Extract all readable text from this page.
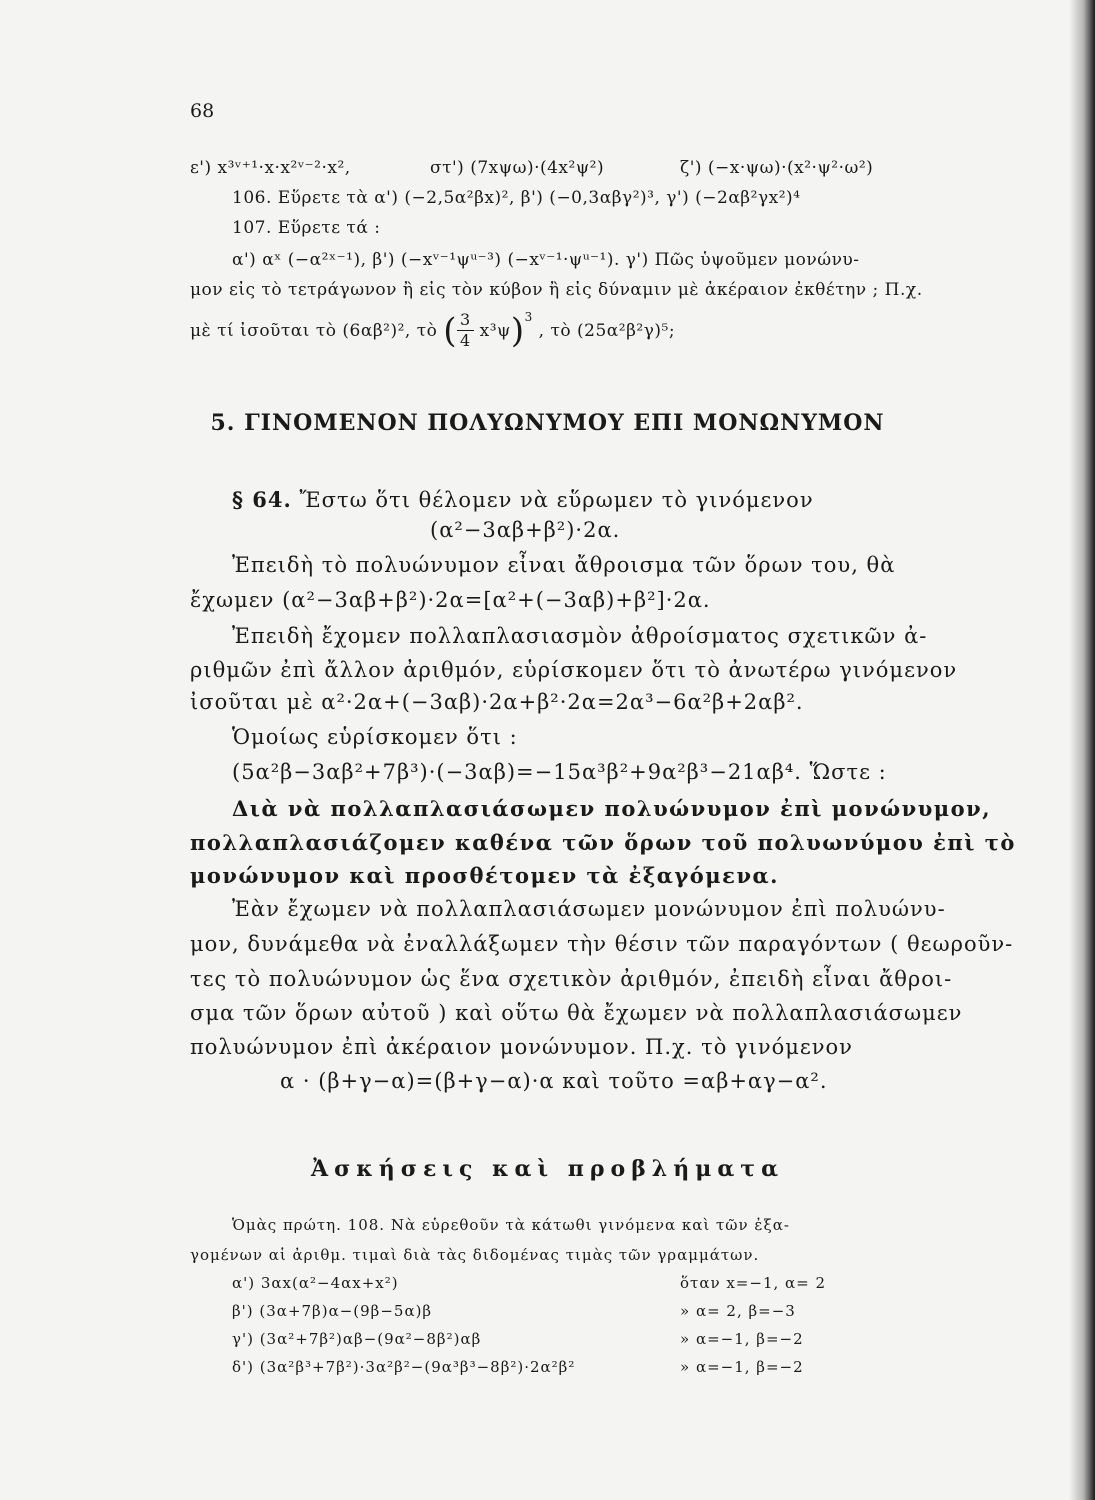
68
ε') x³ᵛ⁺¹·x·x²ᵛ⁻²·x²,	στ') (7xψω)·(4x²ψ²)	ζ') (−x·ψω)·(x²·ψ²·ω²)
106. Εὕρετε τὰ α') (−2,5α²βx)², β') (−0,3αβγ²)³, γ') (−2αβ²γx²)⁴
107. Εὕρετε τά :
α') αˣ (−α²ˣ⁻¹), β') (−xᵛ⁻¹ψᵘ⁻³) (−xᵛ⁻¹·ψᵘ⁻¹). γ') Πῶς ὑψοῦμεν μονώνυ-
μον εἰς τὸ τετράγωνον ἢ εἰς τὸν κύβον ἢ εἰς δύναμιν μὲ ἀκέραιον ἐκθέτην ; Π.χ.
μὲ τί ἰσοῦται τὸ (6αβ²)², τὸ ( $\frac{3}{4} x^3\psi)^3$ , τὸ (25α²β²γ)⁵;
5. ΓΙΝΟΜΕΝΟΝ ΠΟΛΥΩΝΥΜΟΥ ΕΠΙ ΜΟΝΩΝΥΜΟΝ
§ 64. Ἔστω ὅτι θέλομεν νὰ εὕρωμεν τὸ γινόμενον
(α²−3αβ+β²)·2α.
Ἐπειδὴ τὸ πολυώνυμον εἶναι ἄθροισμα τῶν ὅρων του, θὰ
ἔχωμεν (α²−3αβ+β²)·2α=[α²+(−3αβ)+β²]·2α.
Ἐπειδὴ ἔχομεν πολλαπλασιασμὸν ἀθροίσματος σχετικῶν ἀ-
ριθμῶν ἐπὶ ἄλλον ἀριθμόν, εὑρίσκομεν ὅτι τὸ ἀνωτέρω γινόμενον
ἰσοῦται μὲ α²·2α+(−3αβ)·2α+β²·2α=2α³−6α²β+2αβ².
Ὁμοίως εὑρίσκομεν ὅτι :
(5α²β−3αβ²+7β³)·(−3αβ)=−15α³β²+9α²β³−21αβ⁴. Ὥστε :
Διὰ νὰ πολλαπλασιάσωμεν πολυώνυμον ἐπὶ μονώνυμον,
πολλαπλασιάζομεν καθένα τῶν ὅρων τοῦ πολυωνύμου ἐπὶ τὸ
μονώνυμον καὶ προσθέτομεν τὰ ἐξαγόμενα.
Ἐὰν ἔχωμεν νὰ πολλαπλασιάσωμεν μονώνυμον ἐπὶ πολυώνυ-
μον, δυνάμεθα νὰ ἐναλλάξωμεν τὴν θέσιν τῶν παραγόντων ( θεωροῦν-
τες τὸ πολυώνυμον ὡς ἕνα σχετικὸν ἀριθμόν, ἐπειδὴ εἶναι ἄθροι-
σμα τῶν ὅρων αὐτοῦ ) καὶ οὕτω θὰ ἔχωμεν νὰ πολλαπλασιάσωμεν
πολυώνυμον ἐπὶ ἀκέραιον μονώνυμον. Π.χ. τὸ γινόμενον
α · (β+γ−α)=(β+γ−α)·α καὶ τοῦτο =αβ+αγ−α².
Ἀσκήσεις καὶ προβλήματα
Ὁμὰς πρώτη. 108. Νὰ εὑρεθοῦν τὰ κάτωθι γινόμενα καὶ τῶν ἐξα-
γομένων αἱ ἀριθμ. τιμαὶ διὰ τὰς διδομένας τιμὰς τῶν γραμμάτων.
α') 3αx(α²−4αx+x²)	ὅταν x=−1, α= 2
β') (3α+7β)α−(9β−5α)β	» α= 2, β=−3
γ') (3α²+7β²)αβ−(9α²−8β²)αβ	» α=−1, β=−2
δ') (3α²β³+7β²)·3α²β²−(9α³β³−8β²)·2α²β²	» α=−1, β=−2
